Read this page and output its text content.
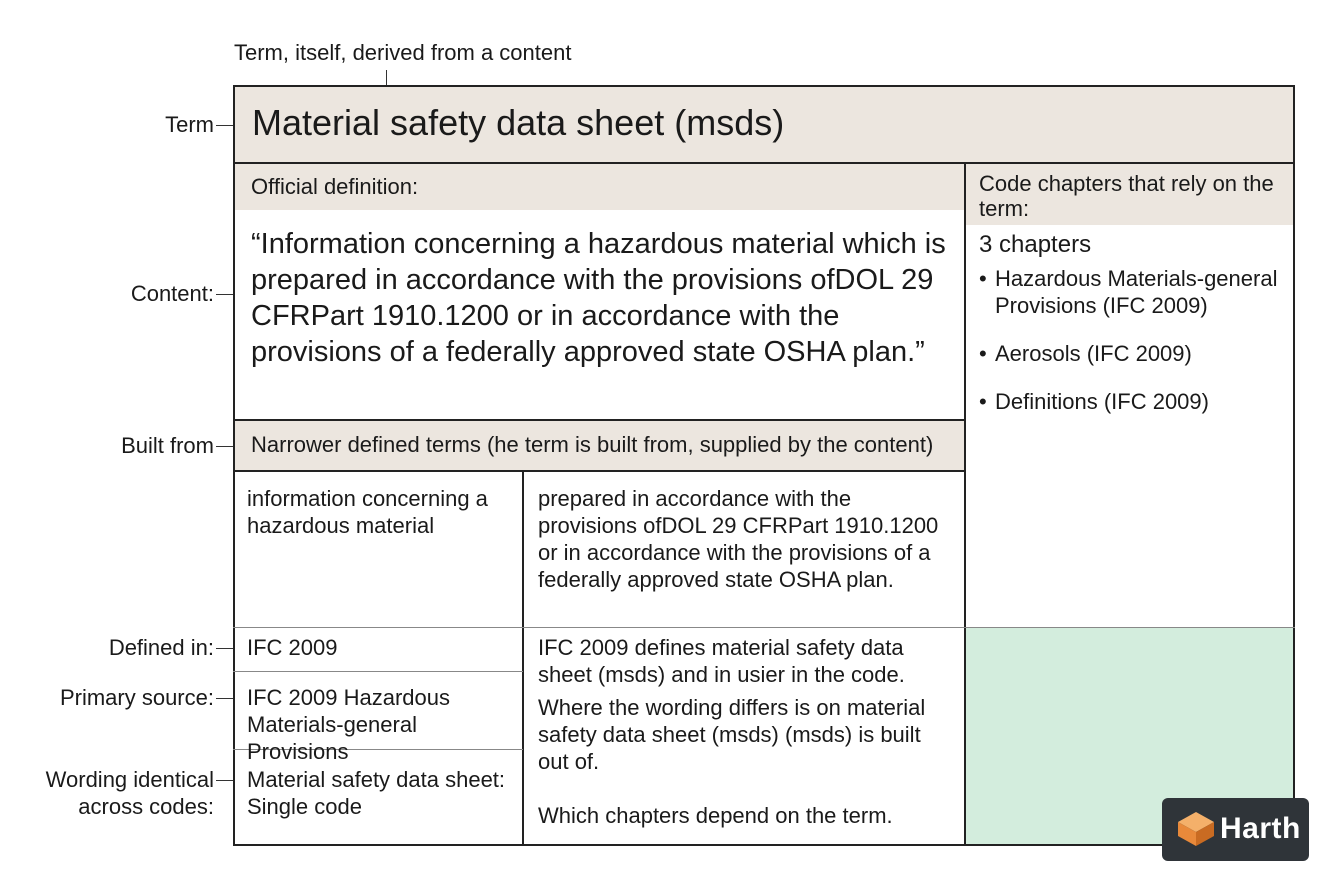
Term
Content:
Built from
Defined in:
Primary source:
Wording identical
across codes:
Term, itself, derived from a content
Material safety data sheet (msds)
Official definition:
“Information concerning a hazardous material which is prepared in accordance with the provisions ofDOL 29 CFRPart 1910.1200 or in accordance with the provisions of a federally approved state OSHA plan.”
Code chapters that rely on the term:
3 chapters
• Hazardous Materials-general Provisions (IFC 2009)
• Aerosols (IFC 2009)
• Definitions (IFC 2009)
Narrower defined terms (he term is built from, supplied by the content)
information concerning a hazardous material
prepared in accordance with the provisions ofDOL 29 CFRPart 1910.1200 or in accordance with the provisions of a federally approved state OSHA plan.
IFC 2009
IFC 2009 Hazardous Materials-general Provisions
Material safety data sheet: Single code
IFC 2009 defines material safety data sheet (msds) and in usier in the code.
Where the wording differs is on material safety data sheet (msds) (msds) is built out of.
Which chapters depend on the term.	Harth
